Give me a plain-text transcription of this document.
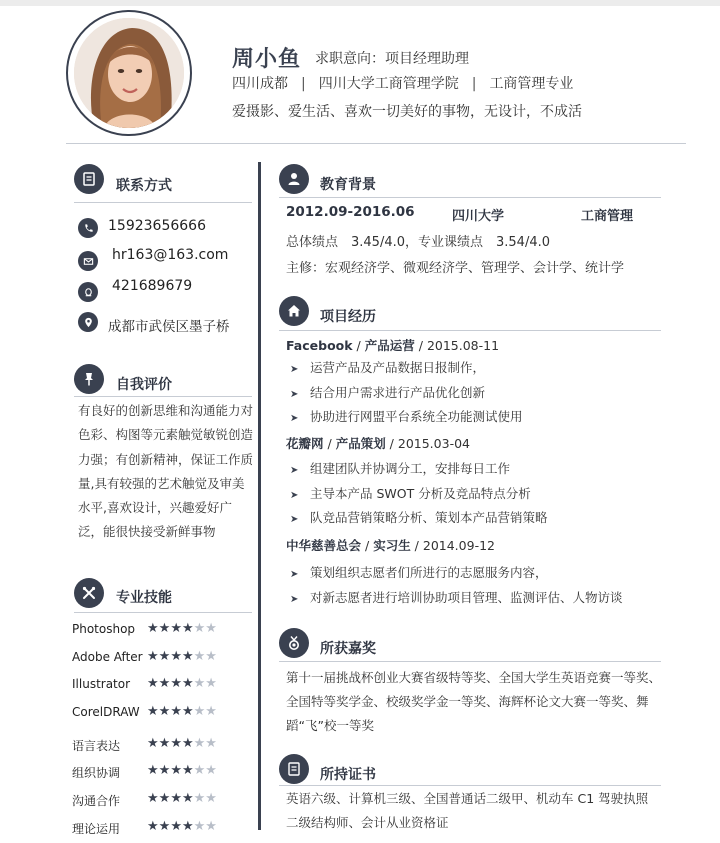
周小鱼 求职意向：项目经理助理
四川成都 | 四川大学工商管理学院 | 工商管理专业
爱摄影、爱生活、喜欢一切美好的事物，无设计，不成活
联系方式
15923656666
hr163@163.com
421689679
成都市武侯区墨子桥
自我评价
有良好的创新思维和沟通能力对色彩、构图等元素触觉敏锐创造力强；有创新精神，保证工作质量,具有较强的艺术触觉及审美水平,喜欢设计，兴趣爱好广泛，能很快接受新鲜事物
专业技能
Photoshop ★★★★★★
Adobe After ★★★★★★
Illustrator ★★★★★★
CorelDRAW ★★★★★★
语言表达 ★★★★★★
组织协调 ★★★★★★
沟通合作 ★★★★★★
理论运用 ★★★★★★
教育背景
2012.09-2016.06	四川大学	工商管理
总体绩点　3.45/4.0，专业课绩点　3.54/4.0
主修：宏观经济学、微观经济学、管理学、会计学、统计学
项目经历
Facebook / 产品运营 / 2015.08-11
➤ 运营产品及产品数据日报制作，
➤ 结合用户需求进行产品优化创新
➤ 协助进行网盟平台系统全功能测试使用
花瓣网 / 产品策划 / 2015.03-04
➤ 组建团队并协调分工，安排每日工作
➤ 主导本产品 SWOT 分析及竞品特点分析
➤ 队竞品营销策略分析、策划本产品营销策略
中华慈善总会 / 实习生 / 2014.09-12
➤ 策划组织志愿者们所进行的志愿服务内容，
➤ 对新志愿者进行培训协助项目管理、监测评估、人物访谈
所获嘉奖
第十一届挑战杯创业大赛省级特等奖、全国大学生英语竞赛一等奖、全国特等奖学金、校级奖学金一等奖、海辉杯论文大赛一等奖、舞蹈“飞”校一等奖
所持证书
英语六级、计算机三级、全国普通话二级甲、机动车 C1 驾驶执照
二级结构师、会计从业资格证
